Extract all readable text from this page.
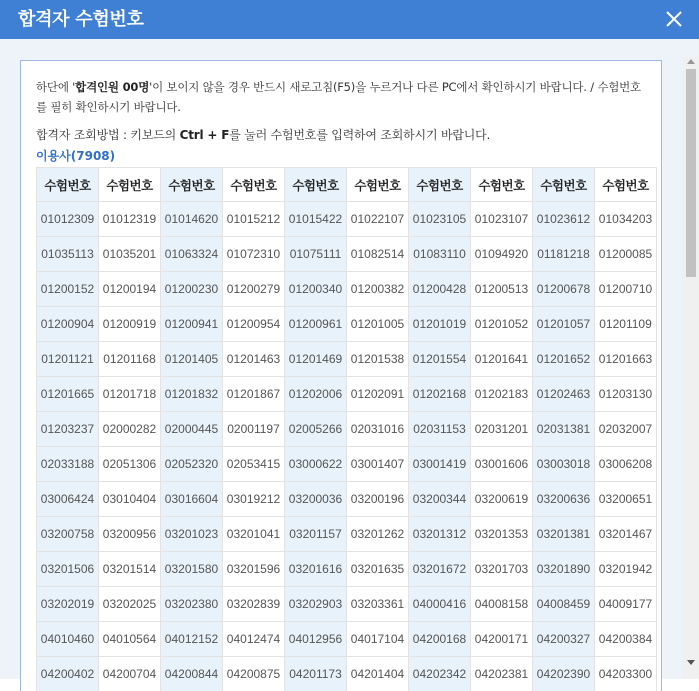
합격자 수험번호
하단에 '합격인원 00명'이 보이지 않을 경우 반드시 새로고침(F5)을 누르거나 다른 PC에서 확인하시기 바랍니다. / 수험번호를 필히 확인하시기 바랍니다.
합격자 조회방법 : 키보드의 Ctrl + F를 눌러 수험번호를 입력하여 조회하시기 바랍니다.
이용사(7908)
수험번호	수험번호	수험번호	수험번호	수험번호	수험번호	수험번호	수험번호	수험번호	수험번호
01012309	01012319	01014620	01015212	01015422	01022107	01023105	01023107	01023612	01034203
01035113	01035201	01063324	01072310	01075111	01082514	01083110	01094920	01181218	01200085
01200152	01200194	01200230	01200279	01200340	01200382	01200428	01200513	01200678	01200710
01200904	01200919	01200941	01200954	01200961	01201005	01201019	01201052	01201057	01201109
01201121	01201168	01201405	01201463	01201469	01201538	01201554	01201641	01201652	01201663
01201665	01201718	01201832	01201867	01202006	01202091	01202168	01202183	01202463	01203130
01203237	02000282	02000445	02001197	02005266	02031016	02031153	02031201	02031381	02032007
02033188	02051306	02052320	02053415	03000622	03001407	03001419	03001606	03003018	03006208
03006424	03010404	03016604	03019212	03200036	03200196	03200344	03200619	03200636	03200651
03200758	03200956	03201023	03201041	03201157	03201262	03201312	03201353	03201381	03201467
03201506	03201514	03201580	03201596	03201616	03201635	03201672	03201703	03201890	03201942
03202019	03202025	03202380	03202839	03202903	03203361	04000416	04008158	04008459	04009177
04010460	04010564	04012152	04012474	04012956	04017104	04200168	04200171	04200327	04200384
04200402	04200704	04200844	04200875	04201173	04201404	04202342	04202381	04202390	04203300
